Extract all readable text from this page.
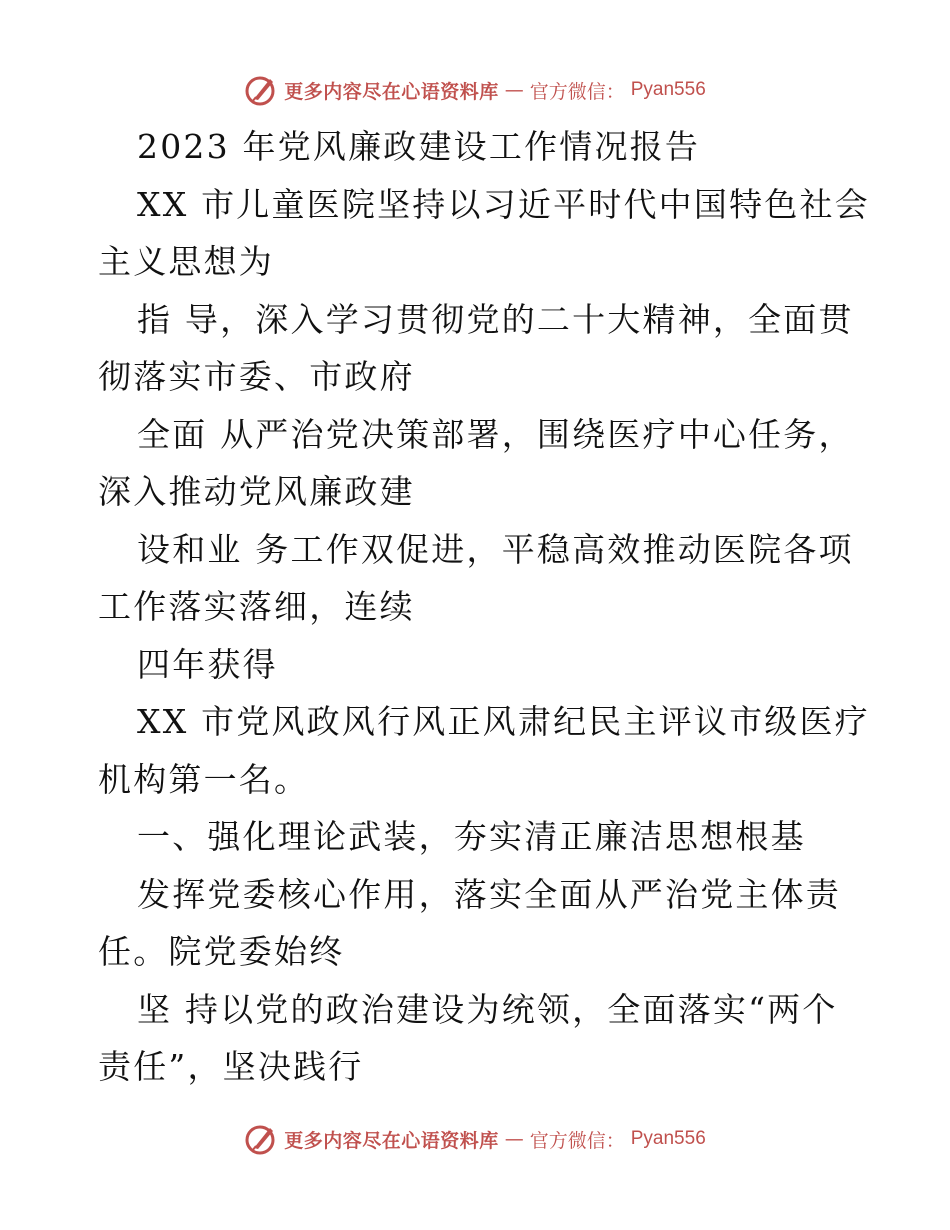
更多内容尽在心语资料库 — 官方微信： Pyan556
2023 年党风廉政建设工作情况报告
XX 市儿童医院坚持以习近平时代中国特色社会
主义思想为
指 导，深入学习贯彻党的二十大精神，全面贯
彻落实市委、市政府
全面 从严治党决策部署，围绕医疗中心任务，
深入推动党风廉政建
设和业 务工作双促进，平稳高效推动医院各项
工作落实落细，连续
四年获得
XX 市党风政风行风正风肃纪民主评议市级医疗
机构第一名。
一、强化理论武装，夯实清正廉洁思想根基
发挥党委核心作用，落实全面从严治党主体责
任。院党委始终
坚 持以党的政治建设为统领，全面落实“两个
责任”，坚决践行
更多内容尽在心语资料库 — 官方微信： Pyan556
